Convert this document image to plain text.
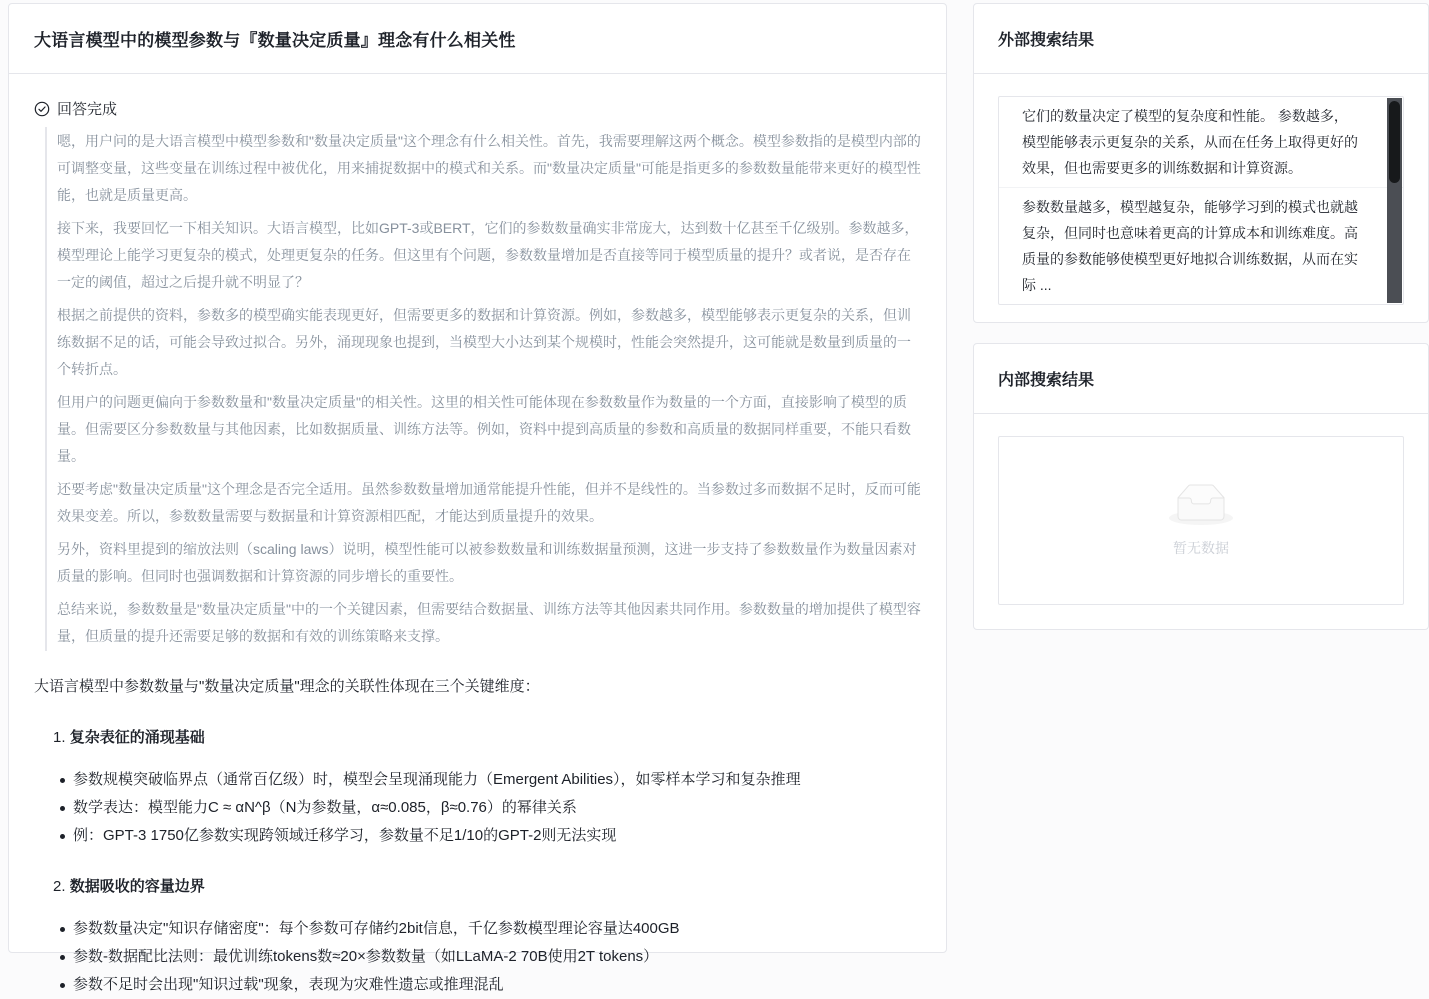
大语言模型中的模型参数与『数量决定质量』理念有什么相关性
回答完成

嗯，用户问的是大语言模型中模型参数和"数量决定质量"这个理念有什么相关性。首先，我需要理解这两个概念。模型参数指的是模型内部的可调整变量，这些变量在训练过程中被优化，用来捕捉数据中的模式和关系。而"数量决定质量"可能是指更多的参数数量能带来更好的模型性能，也就是质量更高。

接下来，我要回忆一下相关知识。大语言模型，比如GPT-3或BERT，它们的参数数量确实非常庞大，达到数十亿甚至千亿级别。参数越多，模型理论上能学习更复杂的模式，处理更复杂的任务。但这里有个问题，参数数量增加是否直接等同于模型质量的提升？或者说，是否存在一定的阈值，超过之后提升就不明显了？

根据之前提供的资料，参数多的模型确实能表现更好，但需要更多的数据和计算资源。例如，参数越多，模型能够表示更复杂的关系，但训练数据不足的话，可能会导致过拟合。另外，涌现现象也提到，当模型大小达到某个规模时，性能会突然提升，这可能就是数量到质量的一个转折点。

但用户的问题更偏向于参数数量和"数量决定质量"的相关性。这里的相关性可能体现在参数数量作为数量的一个方面，直接影响了模型的质量。但需要区分参数数量与其他因素，比如数据质量、训练方法等。例如，资料中提到高质量的参数和高质量的数据同样重要，不能只看数量。

还要考虑"数量决定质量"这个理念是否完全适用。虽然参数数量增加通常能提升性能，但并不是线性的。当参数过多而数据不足时，反而可能效果变差。所以，参数数量需要与数据量和计算资源相匹配，才能达到质量提升的效果。

另外，资料里提到的缩放法则（scaling laws）说明，模型性能可以被参数数量和训练数据量预测，这进一步支持了参数数量作为数量因素对质量的影响。但同时也强调数据和计算资源的同步增长的重要性。

总结来说，参数数量是"数量决定质量"中的一个关键因素，但需要结合数据量、训练方法等其他因素共同作用。参数数量的增加提供了模型容量，但质量的提升还需要足够的数据和有效的训练策略来支撑。

大语言模型中参数数量与"数量决定质量"理念的关联性体现在三个关键维度：

1. 复杂表征的涌现基础
参数规模突破临界点（通常百亿级）时，模型会呈现涌现能力（Emergent Abilities），如零样本学习和复杂推理
数学表达：模型能力C ≈ αN^β（N为参数量，α≈0.085，β≈0.76）的幂律关系
例：GPT-3 1750亿参数实现跨领域迁移学习，参数量不足1/10的GPT-2则无法实现
2. 数据吸收的容量边界
参数数量决定"知识存储密度"：每个参数可存储约2bit信息，千亿参数模型理论容量达400GB
参数-数据配比法则：最优训练tokens数≈20×参数数量（如LLaMA-2 70B使用2T tokens）
参数不足时会出现"知识过载"现象，表现为灾难性遗忘或推理混乱
外部搜索结果
它们的数量决定了模型的复杂度和性能。 参数越多，模型能够表示更复杂的关系，从而在任务上取得更好的效果，但也需要更多的训练数据和计算资源。
参数数量越多，模型越复杂，能够学习到的模式也就越复杂，但同时也意味着更高的计算成本和训练难度。高质量的参数能够使模型更好地拟合训练数据，从而在实际 ...
内部搜索结果
暂无数据
